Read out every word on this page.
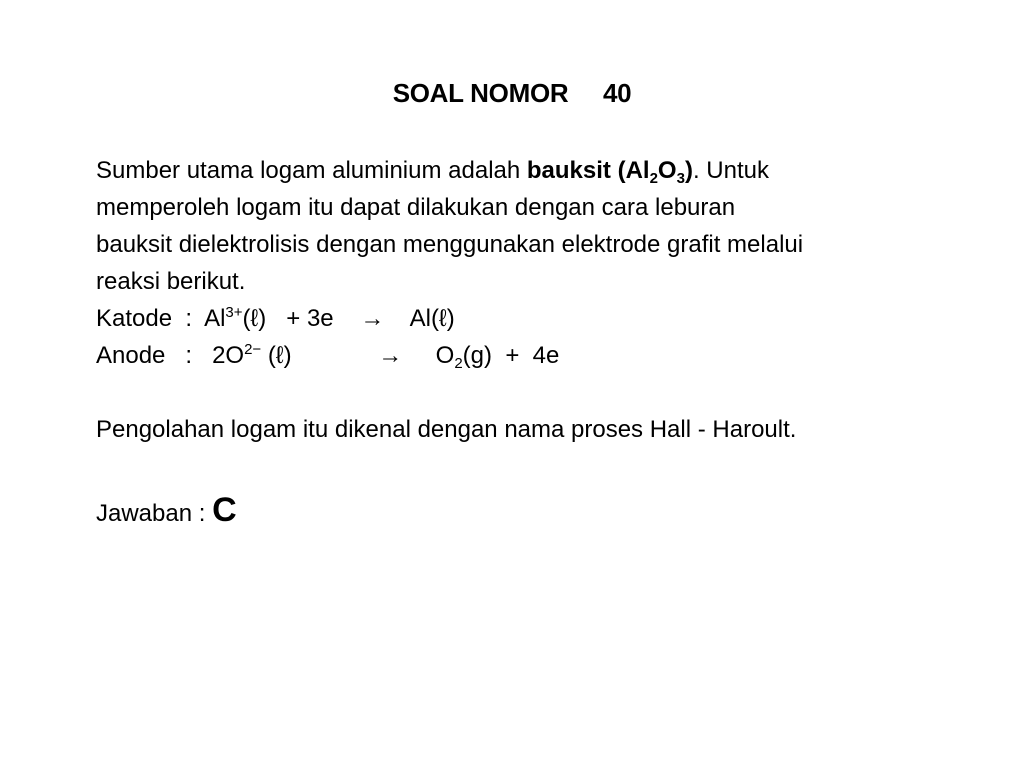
SOAL NOMOR     40
Sumber utama logam aluminium adalah bauksit $(Al_2O_3)$. Untuk
memperoleh logam itu dapat dilakukan dengan cara leburan
bauksit dielektrolisis dengan menggunakan elektrode grafit melalui
reaksi berikut.
Katode  :  $Al^{3+}(\ell) + 3e$    →    Al(ℓ)
Anode   :   $2O^{2-}$ (ℓ)             →     $O_2(g) + 4e$
Pengolahan logam itu dikenal dengan nama proses Hall - Haroult.
Jawaban : C
